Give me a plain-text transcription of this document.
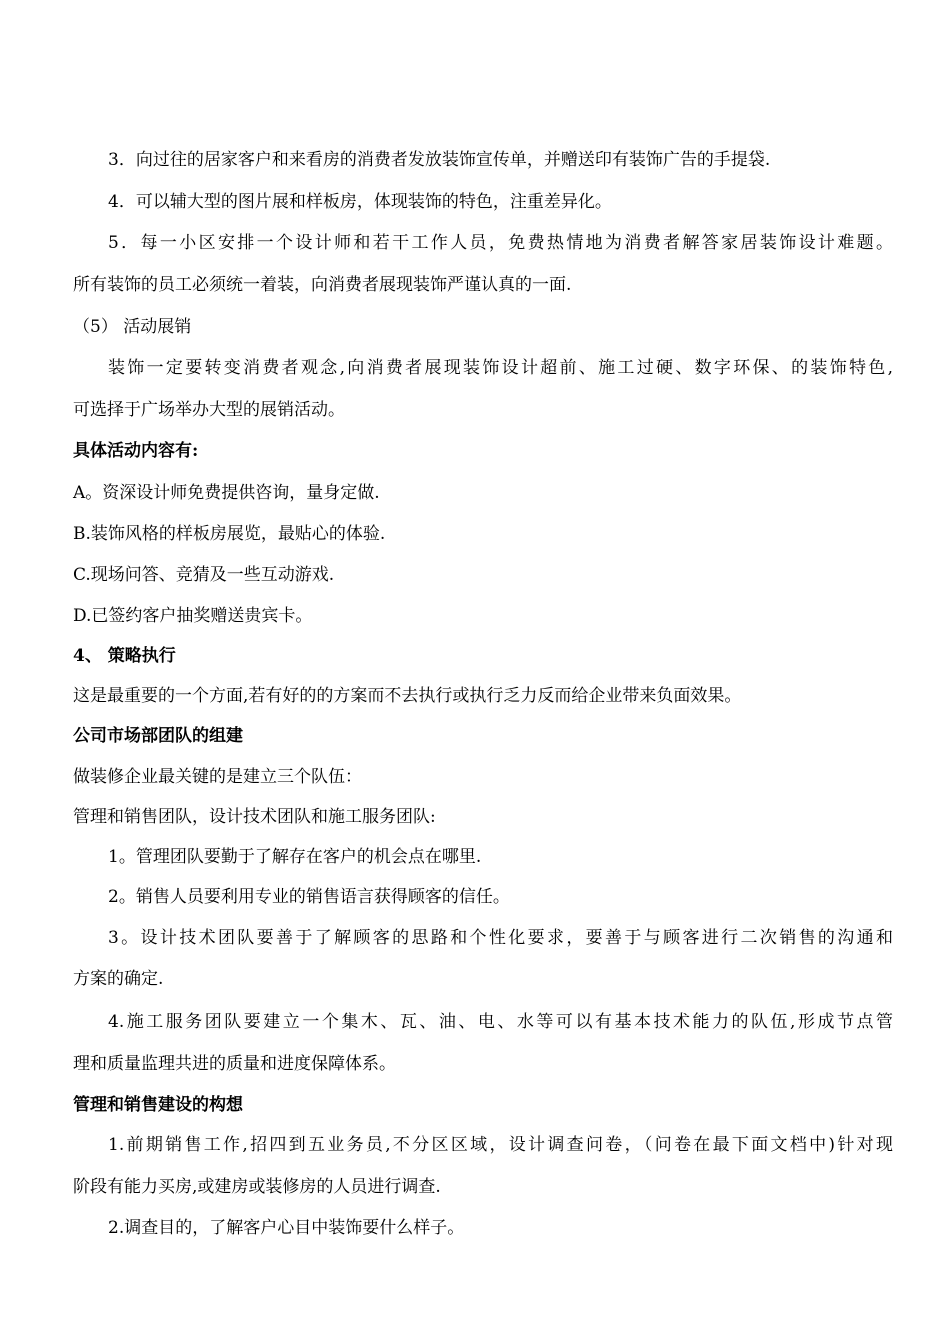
3．向过往的居家客户和来看房的消费者发放装饰宣传单，并赠送印有装饰广告的手提袋.
4．可以辅大型的图片展和样板房，体现装饰的特色，注重差异化。
5．每一小区安排一个设计师和若干工作人员，免费热情地为消费者解答家居装饰设计难题。
所有装饰的员工必须统一着装，向消费者展现装饰严谨认真的一面.
（5） 活动展销
装饰一定要转变消费者观念,向消费者展现装饰设计超前、施工过硬、数字环保、的装饰特色,
可选择于广场举办大型的展销活动。
具体活动内容有:
A。资深设计师免费提供咨询，量身定做.
B.装饰风格的样板房展览，最贴心的体验.
C.现场问答、竞猜及一些互动游戏.
D.已签约客户抽奖赠送贵宾卡。
4、 策略执行
这是最重要的一个方面,若有好的的方案而不去执行或执行乏力反而给企业带来负面效果。
公司市场部团队的组建
做装修企业最关键的是建立三个队伍：
管理和销售团队，设计技术团队和施工服务团队:
1。管理团队要勤于了解存在客户的机会点在哪里.
2。销售人员要利用专业的销售语言获得顾客的信任。
3。设计技术团队要善于了解顾客的思路和个性化要求，要善于与顾客进行二次销售的沟通和
方案的确定.
4.施工服务团队要建立一个集木、瓦、油、电、水等可以有基本技术能力的队伍,形成节点管
理和质量监理共进的质量和进度保障体系。
管理和销售建设的构想
1.前期销售工作,招四到五业务员,不分区区域，设计调查问卷，（问卷在最下面文档中)针对现
阶段有能力买房,或建房或装修房的人员进行调查.
2.调查目的，了解客户心目中装饰要什么样子。
